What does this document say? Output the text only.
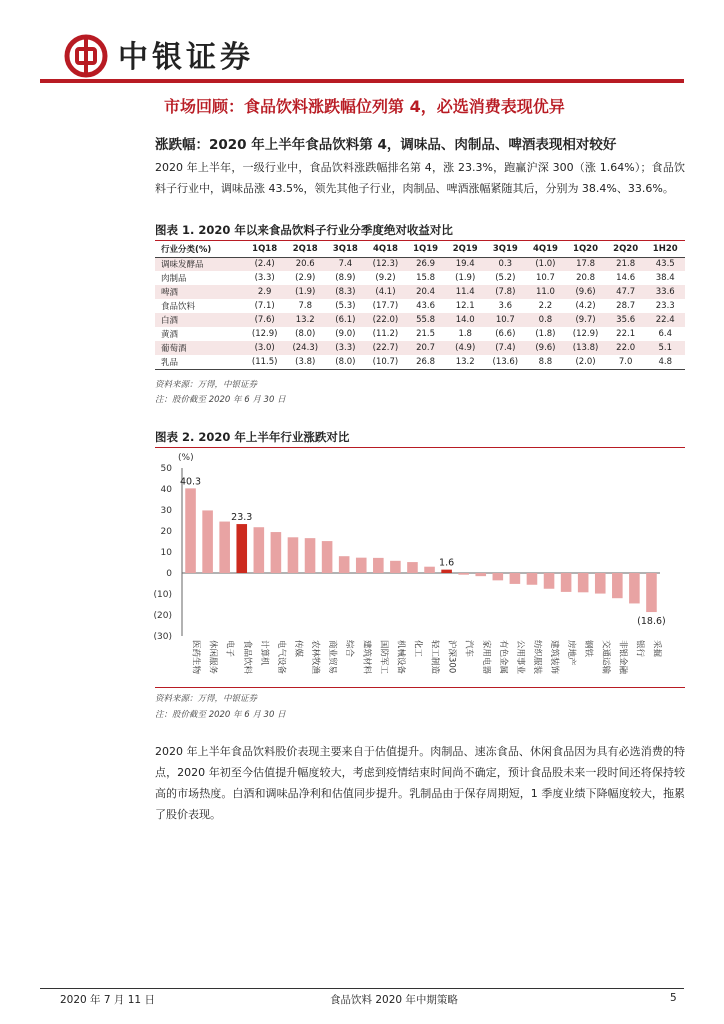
中银证券
市场回顾：食品饮料涨跌幅位列第 4，必选消费表现优异
涨跌幅：2020 年上半年食品饮料第 4，调味品、肉制品、啤酒表现相对较好
2020 年上半年，一级行业中，食品饮料涨跌幅排名第 4，涨 23.3%，跑赢沪深 300（涨 1.64%）；食品饮料子行业中，调味品涨 43.5%，领先其他子行业，肉制品、啤酒涨幅紧随其后，分别为 38.4%、33.6%。
图表 1. 2020 年以来食品饮料子行业分季度绝对收益对比
行业分类(%)	1Q18	2Q18	3Q18	4Q18	1Q19	2Q19	3Q19	4Q19	1Q20	2Q20	1H20
调味发酵品	(2.4)	20.6	7.4	(12.3)	26.9	19.4	0.3	(1.0)	17.8	21.8	43.5
肉制品	(3.3)	(2.9)	(8.9)	(9.2)	15.8	(1.9)	(5.2)	10.7	20.8	14.6	38.4
啤酒	2.9	(1.9)	(8.3)	(4.1)	20.4	11.4	(7.8)	11.0	(9.6)	47.7	33.6
食品饮料	(7.1)	7.8	(5.3)	(17.7)	43.6	12.1	3.6	2.2	(4.2)	28.7	23.3
白酒	(7.6)	13.2	(6.1)	(22.0)	55.8	14.0	10.7	0.8	(9.7)	35.6	22.4
黄酒	(12.9)	(8.0)	(9.0)	(11.2)	21.5	1.8	(6.6)	(1.8)	(12.9)	22.1	6.4
葡萄酒	(3.0)	(24.3)	(3.3)	(22.7)	20.7	(4.9)	(7.4)	(9.6)	(13.8)	22.0	5.1
乳品	(11.5)	(3.8)	(8.0)	(10.7)	26.8	13.2	(13.6)	8.8	(2.0)	7.0	4.8
资料来源：万得，中银证券
注：股价截至 2020 年 6 月 30 日
图表 2. 2020 年上半年行业涨跌对比
(%)
50
40
30
20
10
0
(10)
(20)
(30)
医药生物 休闲服务 电子 食品饮料 计算机 电气设备 传媒 农林牧渔 商业贸易 综合 建筑材料 国防军工 机械设备 化工 轻工制造 沪深300 汽车 家用电器 有色金属 公用事业 纺织服装 建筑装饰 房地产 钢铁 交通运输 非银金融 银行 采掘
40.3
23.3
1.6
(18.6)
资料来源：万得，中银证券
注：股价截至 2020 年 6 月 30 日
2020 年上半年食品饮料股价表现主要来自于估值提升。肉制品、速冻食品、休闲食品因为具有必选消费的特点，2020 年初至今估值提升幅度较大，考虑到疫情结束时间尚不确定，预计食品股未来一段时间还将保持较高的市场热度。白酒和调味品净利和估值同步提升。乳制品由于保存周期短，1 季度业绩下降幅度较大，拖累了股价表现。
2020 年 7 月 11 日	食品饮料 2020 年中期策略	5
